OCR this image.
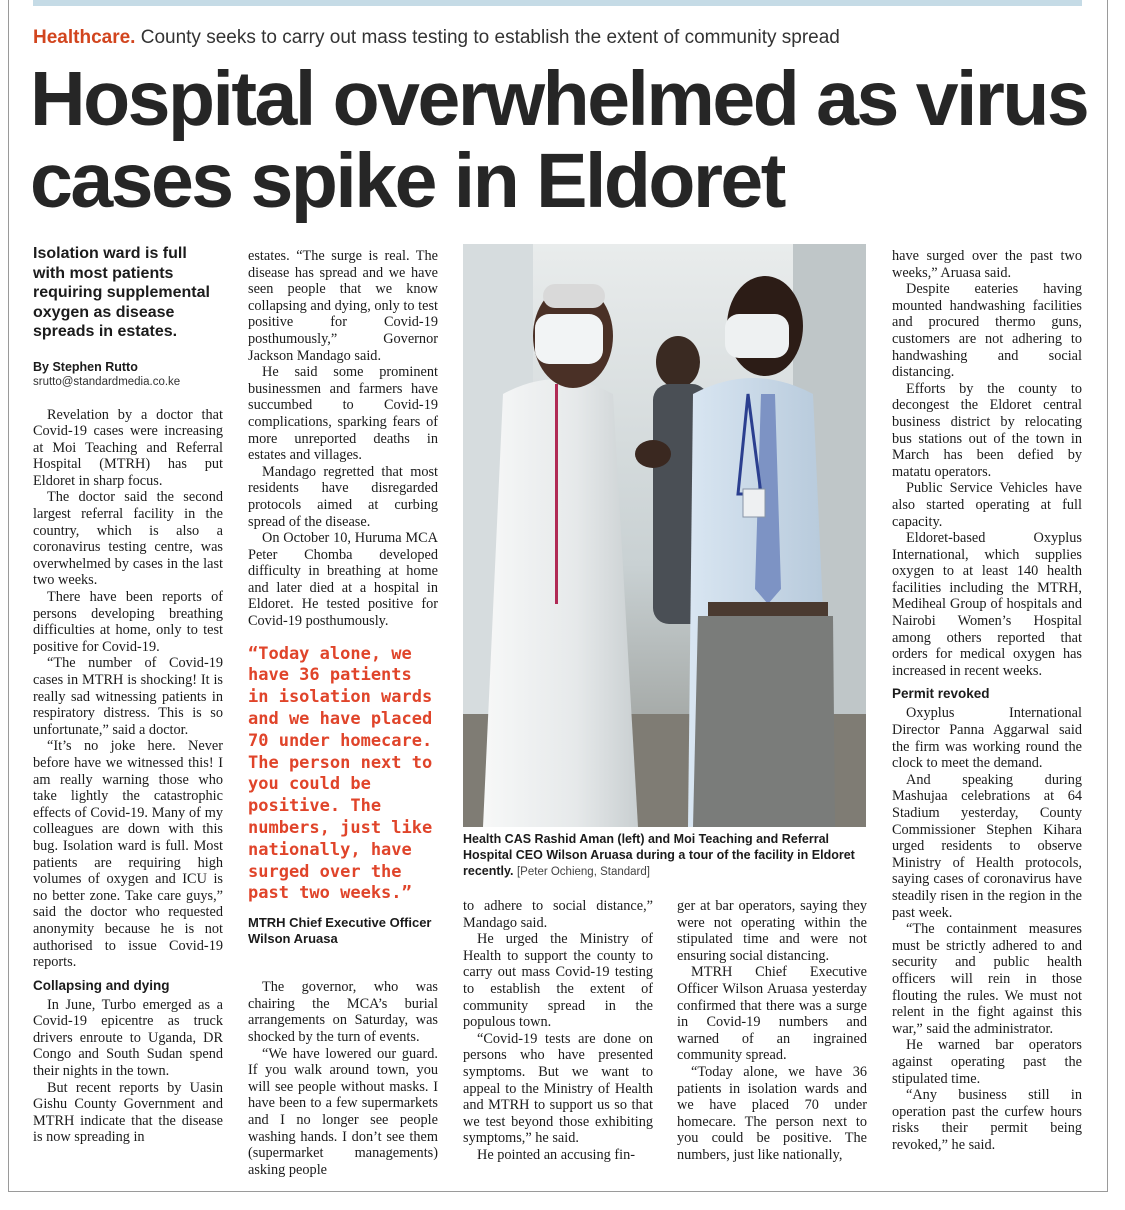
Healthcare. County seeks to carry out mass testing to establish the extent of community spread
Hospital overwhelmed as virus cases spike in Eldoret
Isolation ward is full with most patients requiring supplemental oxygen as disease spreads in estates.
By Stephen Rutto
srutto@standardmedia.co.ke

Revelation by a doctor that Covid-19 cases were increasing at Moi Teaching and Referral Hospital (MTRH) has put Eldoret in sharp focus.

The doctor said the second largest referral facility in the country, which is also a coronavirus testing centre, was overwhelmed by cases in the last two weeks.

There have been reports of persons developing breathing difficulties at home, only to test positive for Covid-19.

“The number of Covid-19 cases in MTRH is shocking! It is really sad witnessing patients in respiratory distress. This is so unfortunate,” said a doctor.

“It’s no joke here. Never before have we witnessed this! I am really warning those who take lightly the catastrophic effects of Covid-19. Many of my colleagues are down with this bug. Isolation ward is full. Most patients are requiring high volumes of oxygen and ICU is no better zone. Take care guys,” said the doctor who requested anonymity because he is not authorised to issue Covid-19 reports.

Collapsing and dying

In June, Turbo emerged as a Covid-19 epicentre as truck drivers enroute to Uganda, DR Congo and South Sudan spend their nights in the town.

But recent reports by Uasin Gishu County Government and MTRH indicate that the disease is now spreading in

estates. “The surge is real. The disease has spread and we have seen people that we know collapsing and dying, only to test positive for Covid-19 posthumously,” Governor Jackson Mandago said.

He said some prominent businessmen and farmers have succumbed to Covid-19 complications, sparking fears of more unreported deaths in estates and villages.

Mandago regretted that most residents have disregarded protocols aimed at curbing spread of the disease.

On October 10, Huruma MCA Peter Chomba developed difficulty in breathing at home and later died at a hospital in Eldoret. He tested positive for Covid-19 posthumously.

“Today alone, we have 36 patients in isolation wards and we have placed 70 under homecare. The person next to you could be positive. The numbers, just like nationally, have surged over the past two weeks.”
MTRH Chief Executive Officer Wilson Aruasa

The governor, who was chairing the MCA’s burial arrangements on Saturday, was shocked by the turn of events.

“We have lowered our guard. If you walk around town, you will see people without masks. I have been to a few supermarkets and I no longer see people washing hands. I don’t see them (supermarket managements) asking people

Health CAS Rashid Aman (left) and Moi Teaching and Referral Hospital CEO Wilson Aruasa during a tour of the facility in Eldoret recently. [Peter Ochieng, Standard]

to adhere to social distance,” Mandago said.

He urged the Ministry of Health to support the county to carry out mass Covid-19 testing to establish the extent of community spread in the populous town.

“Covid-19 tests are done on persons who have presented symptoms. But we want to appeal to the Ministry of Health and MTRH to support us so that we test beyond those exhibiting symptoms,” he said.

He pointed an accusing fin-

ger at bar operators, saying they were not operating within the stipulated time and were not ensuring social distancing.

MTRH Chief Executive Officer Wilson Aruasa yesterday confirmed that there was a surge in Covid-19 numbers and warned of an ingrained community spread.

“Today alone, we have 36 patients in isolation wards and we have placed 70 under homecare. The person next to you could be positive. The numbers, just like nationally,

have surged over the past two weeks,” Aruasa said.

Despite eateries having mounted handwashing facilities and procured thermo guns, customers are not adhering to handwashing and social distancing.

Efforts by the county to decongest the Eldoret central business district by relocating bus stations out of the town in March has been defied by matatu operators.

Public Service Vehicles have also started operating at full capacity.

Eldoret-based Oxyplus International, which supplies oxygen to at least 140 health facilities including the MTRH, Mediheal Group of hospitals and Nairobi Women’s Hospital among others reported that orders for medical oxygen has increased in recent weeks.

Permit revoked

Oxyplus International Director Panna Aggarwal said the firm was working round the clock to meet the demand.

And speaking during Mashujaa celebrations at 64 Stadium yesterday, County Commissioner Stephen Kihara urged residents to observe Ministry of Health protocols, saying cases of coronavirus have steadily risen in the region in the past week.

“The containment measures must be strictly adhered to and security and public health officers will rein in those flouting the rules. We must not relent in the fight against this war,” said the administrator.

He warned bar operators against operating past the stipulated time.

“Any business still in operation past the curfew hours risks their permit being revoked,” he said.
